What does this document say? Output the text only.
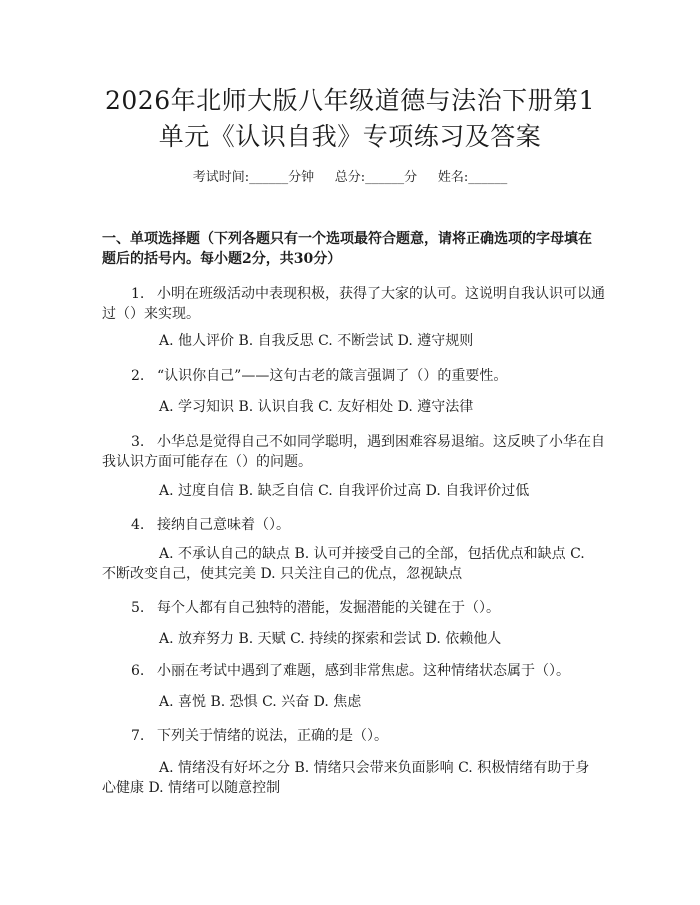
2026年北师大版八年级道德与法治下册第1
单元《认识自我》专项练习及答案
考试时间:______分钟     总分:______分     姓名:______
一、单项选择题（下列各题只有一个选项最符合题意，请将正确选项的字母填在
题后的括号内。每小题2分，共30分）
1. 小明在班级活动中表现积极，获得了大家的认可。这说明自我认识可以通
过（）来实现。
A. 他人评价 B. 自我反思 C. 不断尝试 D. 遵守规则
2. “认识你自己”——这句古老的箴言强调了（）的重要性。
A. 学习知识 B. 认识自我 C. 友好相处 D. 遵守法律
3. 小华总是觉得自己不如同学聪明，遇到困难容易退缩。这反映了小华在自
我认识方面可能存在（）的问题。
A. 过度自信 B. 缺乏自信 C. 自我评价过高 D. 自我评价过低
4. 接纳自己意味着（）。
A. 不承认自己的缺点 B. 认可并接受自己的全部，包括优点和缺点 C.
不断改变自己，使其完美 D. 只关注自己的优点，忽视缺点
5. 每个人都有自己独特的潜能，发掘潜能的关键在于（）。
A. 放弃努力 B. 天赋 C. 持续的探索和尝试 D. 依赖他人
6. 小丽在考试中遇到了难题，感到非常焦虑。这种情绪状态属于（）。
A. 喜悦 B. 恐惧 C. 兴奋 D. 焦虑
7. 下列关于情绪的说法，正确的是（）。
A. 情绪没有好坏之分 B. 情绪只会带来负面影响 C. 积极情绪有助于身
心健康 D. 情绪可以随意控制
